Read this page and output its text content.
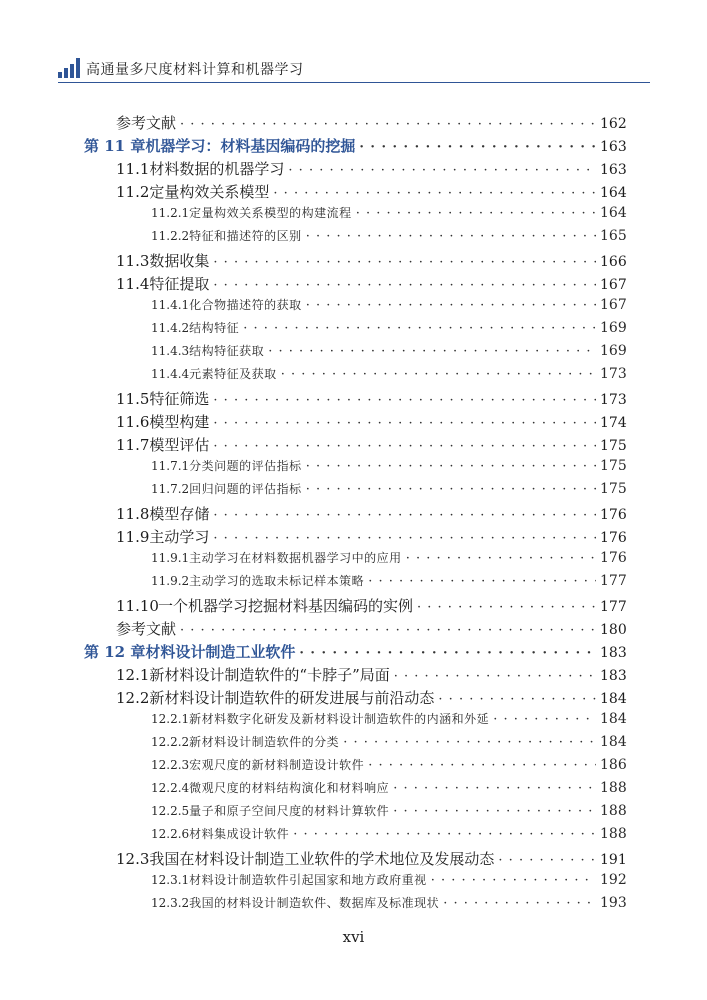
高通量多尺度材料计算和机器学习
参考文献 · · ·	162
第 11 章 机器学习：材料基因编码的挖掘 · · ·	163
11.1 材料数据的机器学习 · · ·	163
11.2 定量构效关系模型 · · ·	164
11.2.1 定量构效关系模型的构建流程 · · ·	164
11.2.2 特征和描述符的区别 · · ·	165
11.3 数据收集 · · ·	166
11.4 特征提取 · · ·	167
11.4.1 化合物描述符的获取 · · ·	167
11.4.2 结构特征 · · ·	169
11.4.3 结构特征获取 · · ·	169
11.4.4 元素特征及获取 · · ·	173
11.5 特征筛选 · · ·	173
11.6 模型构建 · · ·	174
11.7 模型评估 · · ·	175
11.7.1 分类问题的评估指标 · · ·	175
11.7.2 回归问题的评估指标 · · ·	175
11.8 模型存储 · · ·	176
11.9 主动学习 · · ·	176
11.9.1 主动学习在材料数据机器学习中的应用 · · ·	176
11.9.2 主动学习的选取未标记样本策略 · · ·	177
11.10 一个机器学习挖掘材料基因编码的实例 · · ·	177
参考文献 · · ·	180
第 12 章 材料设计制造工业软件 · · ·	183
12.1 新材料设计制造软件的“卡脖子”局面 · · ·	183
12.2 新材料设计制造软件的研发进展与前沿动态 · · ·	184
12.2.1 新材料数字化研发及新材料设计制造软件的内涵和外延 · · ·	184
12.2.2 新材料设计制造软件的分类 · · ·	184
12.2.3 宏观尺度的新材料制造设计软件 · · ·	186
12.2.4 微观尺度的材料结构演化和材料响应 · · ·	188
12.2.5 量子和原子空间尺度的材料计算软件 · · ·	188
12.2.6 材料集成设计软件 · · ·	188
12.3 我国在材料设计制造工业软件的学术地位及发展动态 · · ·	191
12.3.1 材料设计制造软件引起国家和地方政府重视 · · ·	192
12.3.2 我国的材料设计制造软件、数据库及标准现状 · · ·	193
xvi
